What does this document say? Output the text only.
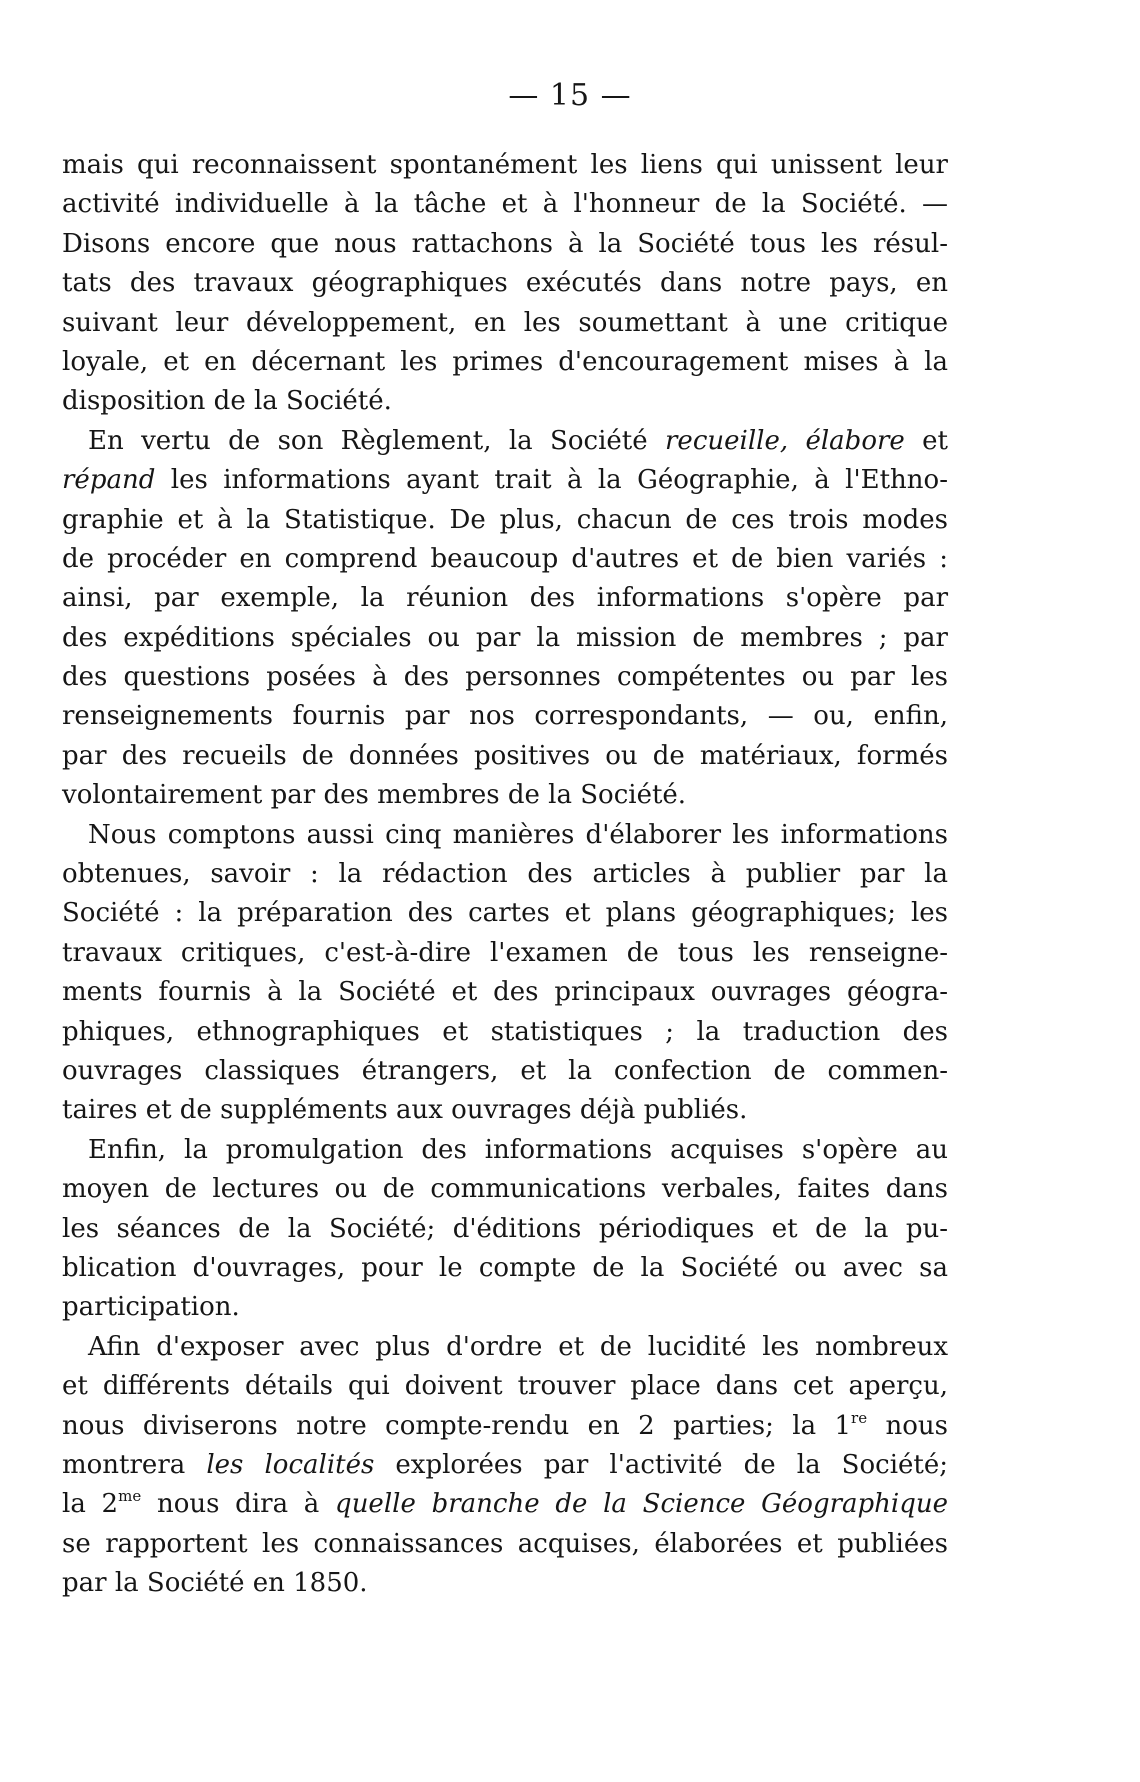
— 15 —
mais qui reconnaissent spontanément les liens qui unissent leur
activité individuelle à la tâche et à l'honneur de la Société. —
Disons encore que nous rattachons à la Société tous les résul-
tats des travaux géographiques exécutés dans notre pays, en
suivant leur développement, en les soumettant à une critique
loyale, et en décernant les primes d'encouragement mises à la
disposition de la Société.
En vertu de son Règlement, la Société recueille, élabore et
répand les informations ayant trait à la Géographie, à l'Ethno-
graphie et à la Statistique. De plus, chacun de ces trois modes
de procéder en comprend beaucoup d'autres et de bien variés :
ainsi, par exemple, la réunion des informations s'opère par
des expéditions spéciales ou par la mission de membres ; par
des questions posées à des personnes compétentes ou par les
renseignements fournis par nos correspondants, — ou, enfin,
par des recueils de données positives ou de matériaux, formés
volontairement par des membres de la Société.
Nous comptons aussi cinq manières d'élaborer les informations
obtenues, savoir : la rédaction des articles à publier par la
Société : la préparation des cartes et plans géographiques; les
travaux critiques, c'est-à-dire l'examen de tous les renseigne-
ments fournis à la Société et des principaux ouvrages géogra-
phiques, ethnographiques et statistiques ; la traduction des
ouvrages classiques étrangers, et la confection de commen-
taires et de suppléments aux ouvrages déjà publiés.
Enfin, la promulgation des informations acquises s'opère au
moyen de lectures ou de communications verbales, faites dans
les séances de la Société; d'éditions périodiques et de la pu-
blication d'ouvrages, pour le compte de la Société ou avec sa
participation.
Afin d'exposer avec plus d'ordre et de lucidité les nombreux
et différents détails qui doivent trouver place dans cet aperçu,
nous diviserons notre compte-rendu en 2 parties; la 1re nous
montrera les localités explorées par l'activité de la Société;
la $2^{me}$ nous dira à quelle branche de la Science Géographique
se rapportent les connaissances acquises, élaborées et publiées
par la Société en 1850.
